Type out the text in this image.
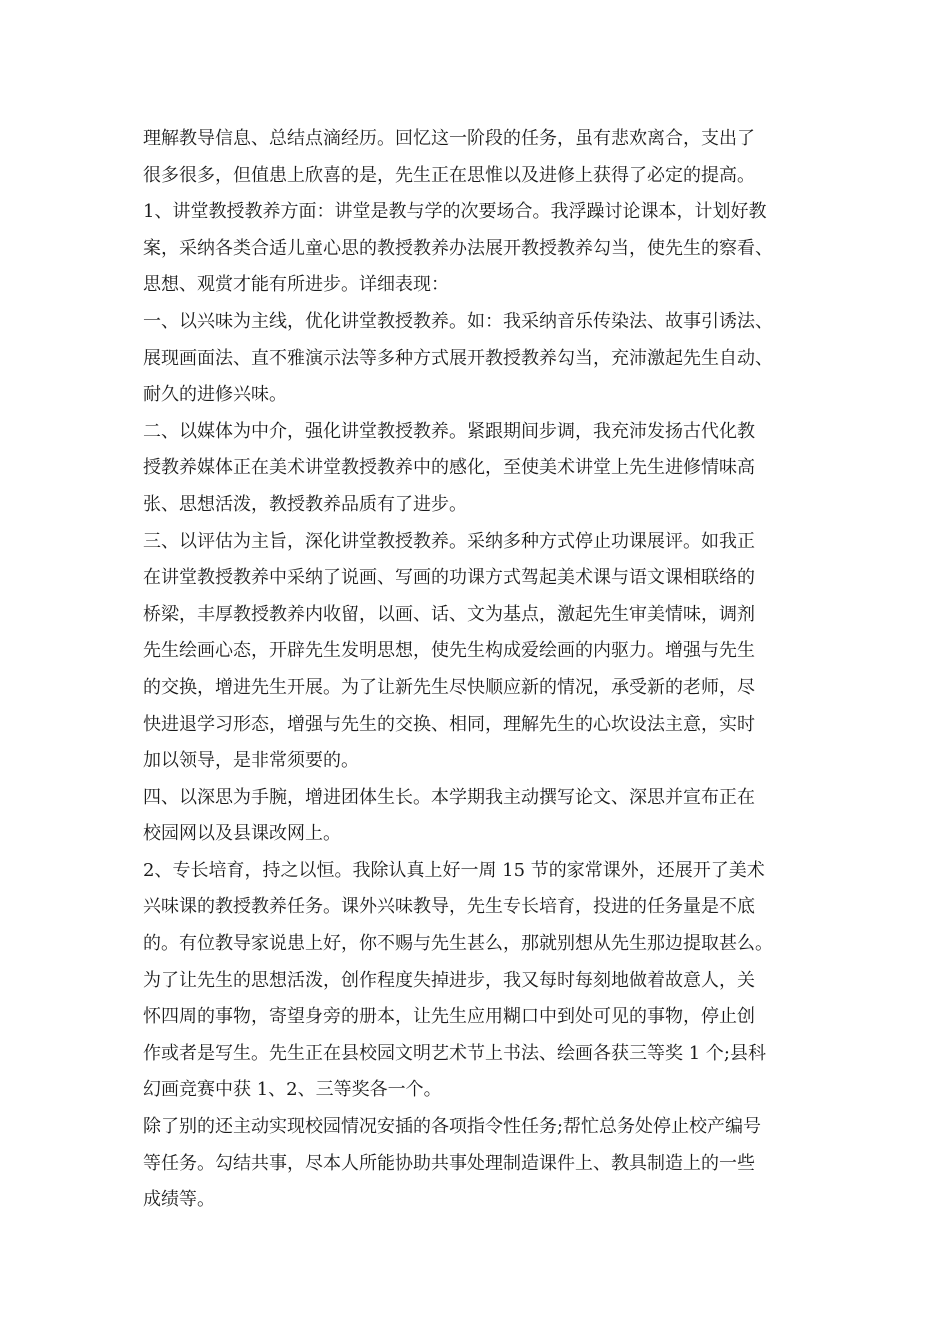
理解教导信息、总结点滴经历。回忆这一阶段的任务，虽有悲欢离合，支出了
很多很多，但值患上欣喜的是，先生正在思惟以及进修上获得了必定的提高。
1、讲堂教授教养方面：讲堂是教与学的次要场合。我浮躁讨论课本，计划好教
案，采纳各类合适儿童心思的教授教养办法展开教授教养勾当，使先生的察看、
思想、观赏才能有所进步。详细表现：
一、以兴味为主线，优化讲堂教授教养。如：我采纳音乐传染法、故事引诱法、
展现画面法、直不雅演示法等多种方式展开教授教养勾当，充沛激起先生自动、
耐久的进修兴味。
二、以媒体为中介，强化讲堂教授教养。紧跟期间步调，我充沛发扬古代化教
授教养媒体正在美术讲堂教授教养中的感化，至使美术讲堂上先生进修情味高
张、思想活泼，教授教养品质有了进步。
三、以评估为主旨，深化讲堂教授教养。采纳多种方式停止功课展评。如我正
在讲堂教授教养中采纳了说画、写画的功课方式驾起美术课与语文课相联络的
桥梁，丰厚教授教养内收留，以画、话、文为基点，激起先生审美情味，调剂
先生绘画心态，开辟先生发明思想，使先生构成爱绘画的内驱力。增强与先生
的交换，增进先生开展。为了让新先生尽快顺应新的情况，承受新的老师，尽
快进退学习形态，增强与先生的交换、相同，理解先生的心坎设法主意，实时
加以领导，是非常须要的。
四、以深思为手腕，增进团体生长。本学期我主动撰写论文、深思并宣布正在
校园网以及县课改网上。
2、专长培育，持之以恒。我除认真上好一周 15 节的家常课外，还展开了美术
兴味课的教授教养任务。课外兴味教导，先生专长培育，投进的任务量是不底
的。有位教导家说患上好，你不赐与先生甚么，那就别想从先生那边提取甚么。
为了让先生的思想活泼，创作程度失掉进步，我又每时每刻地做着故意人，关
怀四周的事物，寄望身旁的册本，让先生应用糊口中到处可见的事物，停止创
作或者是写生。先生正在县校园文明艺术节上书法、绘画各获三等奖 1 个;县科
幻画竞赛中获 1、2、三等奖各一个。
除了别的还主动实现校园情况安插的各项指令性任务;帮忙总务处停止校产编号
等任务。勾结共事，尽本人所能协助共事处理制造课件上、教具制造上的一些
成绩等。
